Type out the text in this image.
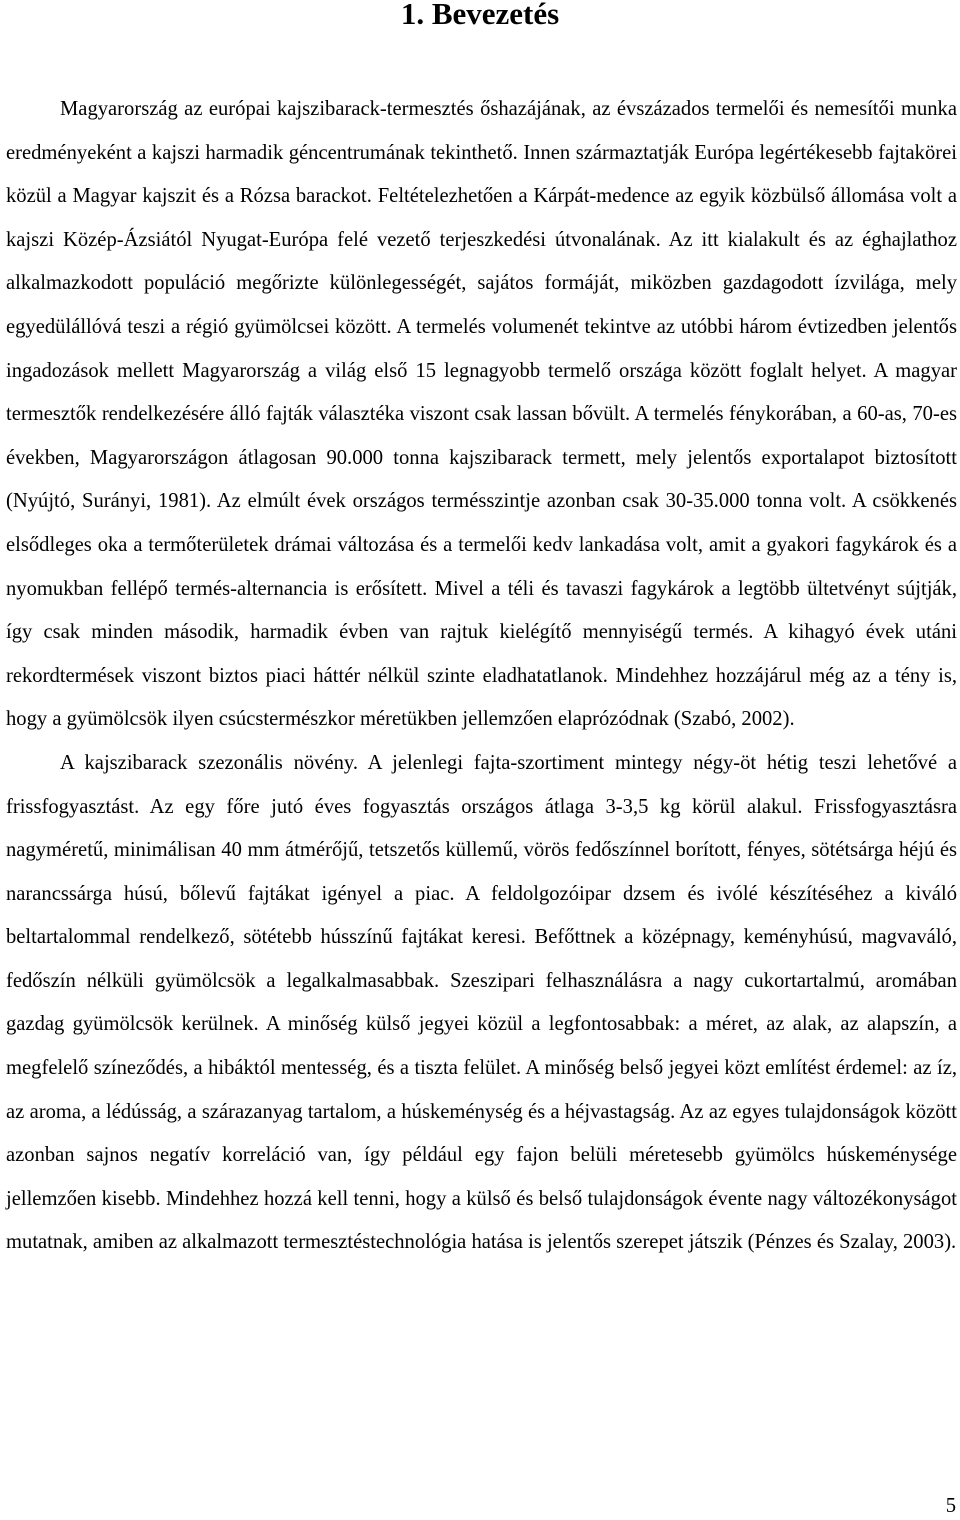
1. Bevezetés

Magyarország az európai kajszibarack-termesztés őshazájának, az évszázados termelői és nemesítői munka eredményeként a kajszi harmadik géncentrumának tekinthető. Innen származtatják Európa legértékesebb fajtakörei közül a Magyar kajszit és a Rózsa barackot. Feltételezhetően a Kárpát-medence az egyik közbülső állomása volt a kajszi Közép-Ázsiától Nyugat-Európa felé vezető terjeszkedési útvonalának. Az itt kialakult és az éghajlathoz alkalmazkodott populáció megőrizte különlegességét, sajátos formáját, miközben gazdagodott ízvilága, mely egyedülállóvá teszi a régió gyümölcsei között. A termelés volumenét tekintve az utóbbi három évtizedben jelentős ingadozások mellett Magyarország a világ első 15 legnagyobb termelő országa között foglalt helyet. A magyar termesztők rendelkezésére álló fajták választéka viszont csak lassan bővült. A termelés fénykorában, a 60-as, 70-es években, Magyarországon átlagosan 90.000 tonna kajszibarack termett, mely jelentős exportalapot biztosított (Nyújtó, Surányi, 1981). Az elmúlt évek országos termésszintje azonban csak 30-35.000 tonna volt. A csökkenés elsődleges oka a termőterületek drámai változása és a termelői kedv lankadása volt, amit a gyakori fagykárok és a nyomukban fellépő termés-alternancia is erősített. Mivel a téli és tavaszi fagykárok a legtöbb ültetvényt sújtják, így csak minden második, harmadik évben van rajtuk kielégítő mennyiségű termés. A kihagyó évek utáni rekordtermések viszont biztos piaci háttér nélkül szinte eladhatatlanok. Mindehhez hozzájárul még az a tény is, hogy a gyümölcsök ilyen csúcstermészkor méretükben jellemzően elaprózódnak (Szabó, 2002).

A kajszibarack szezonális növény. A jelenlegi fajta-szortiment mintegy négy-öt hétig teszi lehetővé a frissfogyasztást. Az egy főre jutó éves fogyasztás országos átlaga 3-3,5 kg körül alakul. Frissfogyasztásra nagyméretű, minimálisan 40 mm átmérőjű, tetszetős küllemű, vörös fedőszínnel borított, fényes, sötétsárga héjú és narancssárga húsú, bőlevű fajtákat igényel a piac. A feldolgozóipar dzsem és ivólé készítéséhez a kiváló beltartalommal rendelkező, sötétebb hússzínű fajtákat keresi. Befőttnek a középnagy, keményhúsú, magvaváló, fedőszín nélküli gyümölcsök a legalkalmasabbak. Szeszipari felhasználásra a nagy cukortartalmú, aromában gazdag gyümölcsök kerülnek. A minőség külső jegyei közül a legfontosabbak: a méret, az alak, az alapszín, a megfelelő színeződés, a hibáktól mentesség, és a tiszta felület. A minőség belső jegyei közt említést érdemel: az íz, az aroma, a lédússág, a szárazanyag tartalom, a húskeménység és a héjvastagság. Az az egyes tulajdonságok között azonban sajnos negatív korreláció van, így például egy fajon belüli méretesebb gyümölcs húskeménysége jellemzően kisebb. Mindehhez hozzá kell tenni, hogy a külső és belső tulajdonságok évente nagy változékonyságot mutatnak, amiben az alkalmazott termesztéstechnológia hatása is jelentős szerepet játszik (Pénzes és Szalay, 2003).

5
